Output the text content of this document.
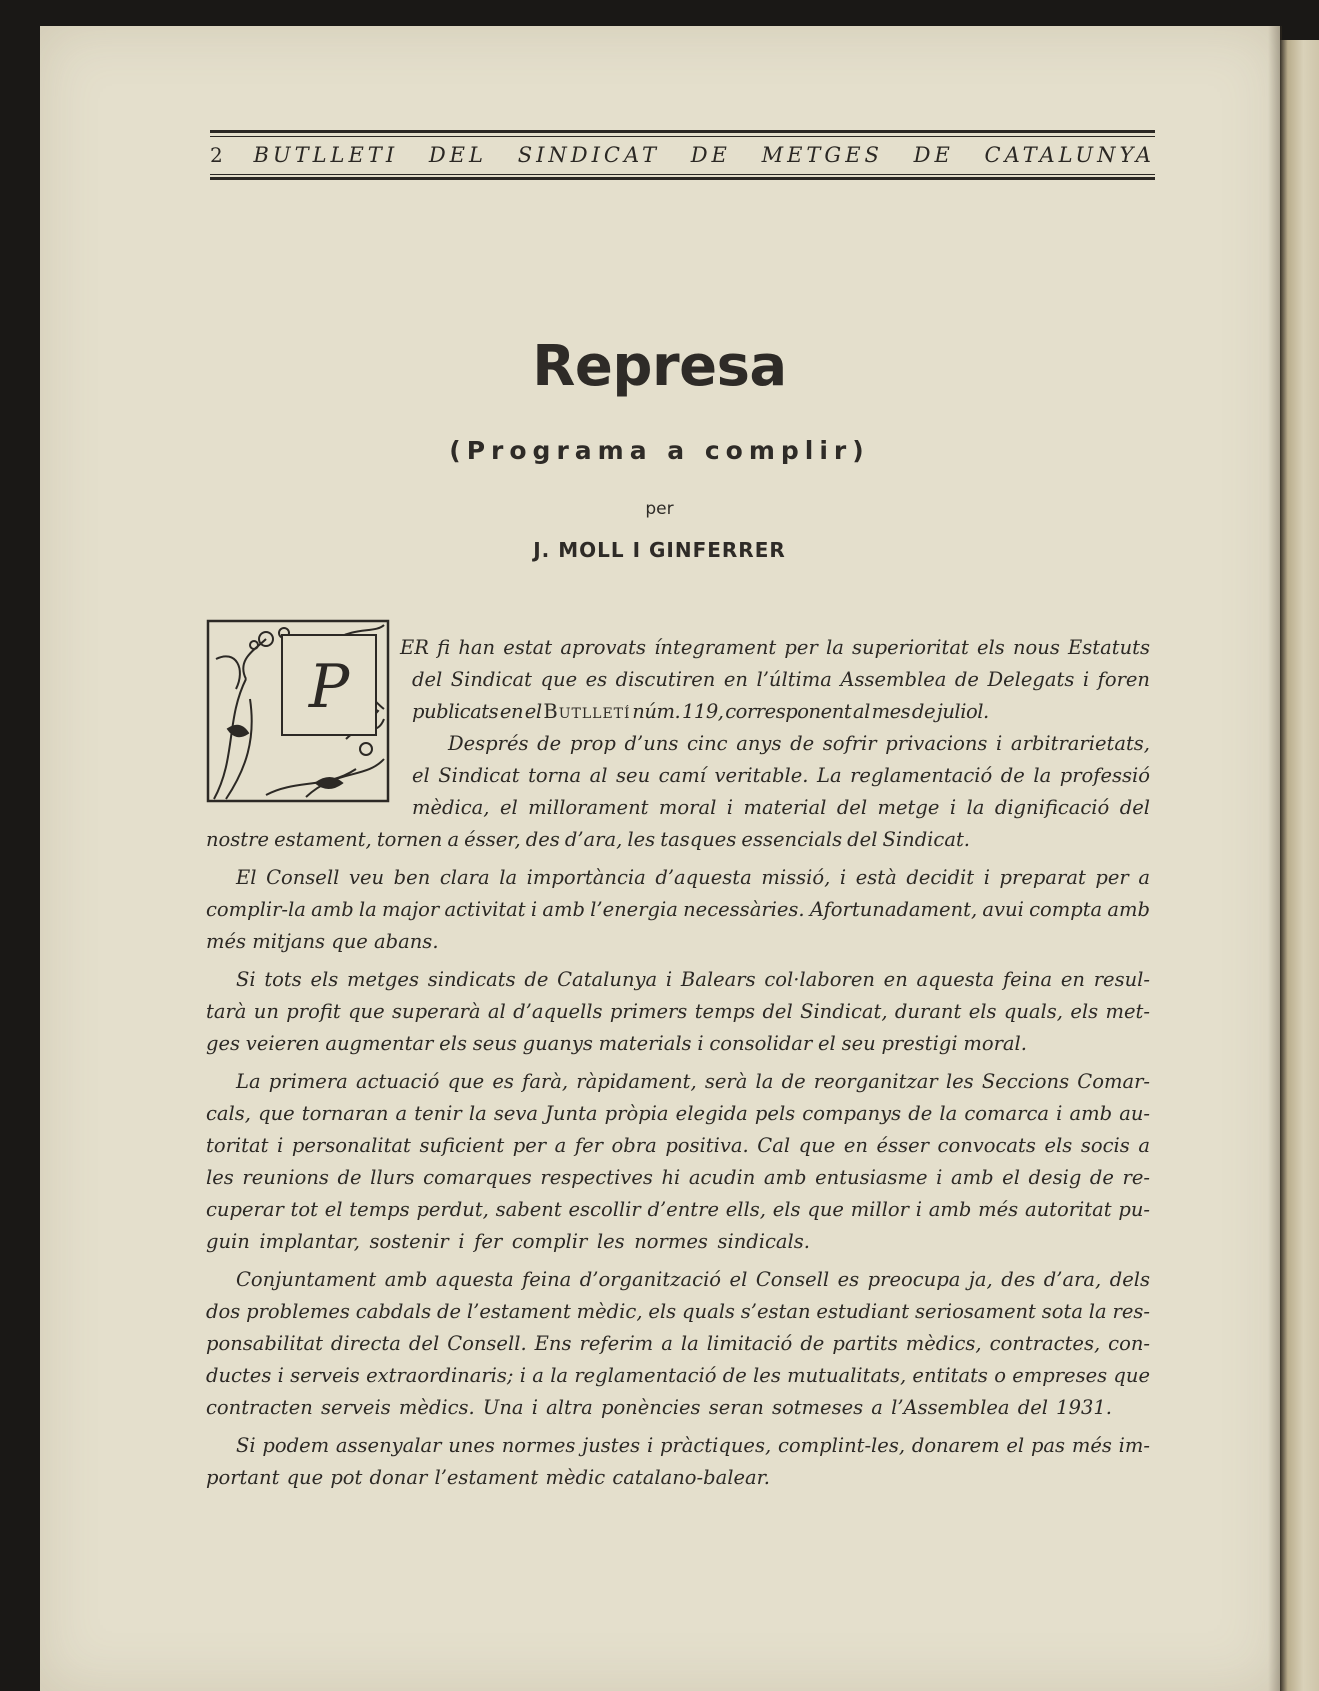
2 BUTLLETI DEL SINDICAT DE METGES DE CATALUNYA
Represa
(Programa a complir)
per
J. MOLL I GINFERRER
P
ER fi han estat aprovats íntegrament per la superioritat els nous Estatuts
del Sindicat que es discutiren en l’última Assemblea de Delegats i foren
publicats en el Butlletí núm. 119, corresponent al mes de juliol.
Després de prop d’uns cinc anys de sofrir privacions i arbitrarietats,
el Sindicat torna al seu camí veritable. La reglamentació de la professió
mèdica, el millorament moral i material del metge i la dignificació del
nostre estament, tornen a ésser, des d’ara, les tasques essencials del Sindicat.
El Consell veu ben clara la importància d’aquesta missió, i està decidit i preparat per a
complir-la amb la major activitat i amb l’energia necessàries. Afortunadament, avui compta amb
més mitjans que abans.
Si tots els metges sindicats de Catalunya i Balears col·laboren en aquesta feina en resul-
tarà un profit que superarà al d’aquells primers temps del Sindicat, durant els quals, els met-
ges veieren augmentar els seus guanys materials i consolidar el seu prestigi moral.
La primera actuació que es farà, ràpidament, serà la de reorganitzar les Seccions Comar-
cals, que tornaran a tenir la seva Junta pròpia elegida pels companys de la comarca i amb au-
toritat i personalitat suficient per a fer obra positiva. Cal que en ésser convocats els socis a
les reunions de llurs comarques respectives hi acudin amb entusiasme i amb el desig de re-
cuperar tot el temps perdut, sabent escollir d’entre ells, els que millor i amb més autoritat pu-
guin implantar, sostenir i fer complir les normes sindicals.
Conjuntament amb aquesta feina d’organització el Consell es preocupa ja, des d’ara, dels
dos problemes cabdals de l’estament mèdic, els quals s’estan estudiant seriosament sota la res-
ponsabilitat directa del Consell. Ens referim a la limitació de partits mèdics, contractes, con-
ductes i serveis extraordinaris; i a la reglamentació de les mutualitats, entitats o empreses que
contracten serveis mèdics. Una i altra ponències seran sotmeses a l’Assemblea del 1931.
Si podem assenyalar unes normes justes i pràctiques, complint-les, donarem el pas més im-
portant que pot donar l’estament mèdic catalano-balear.
